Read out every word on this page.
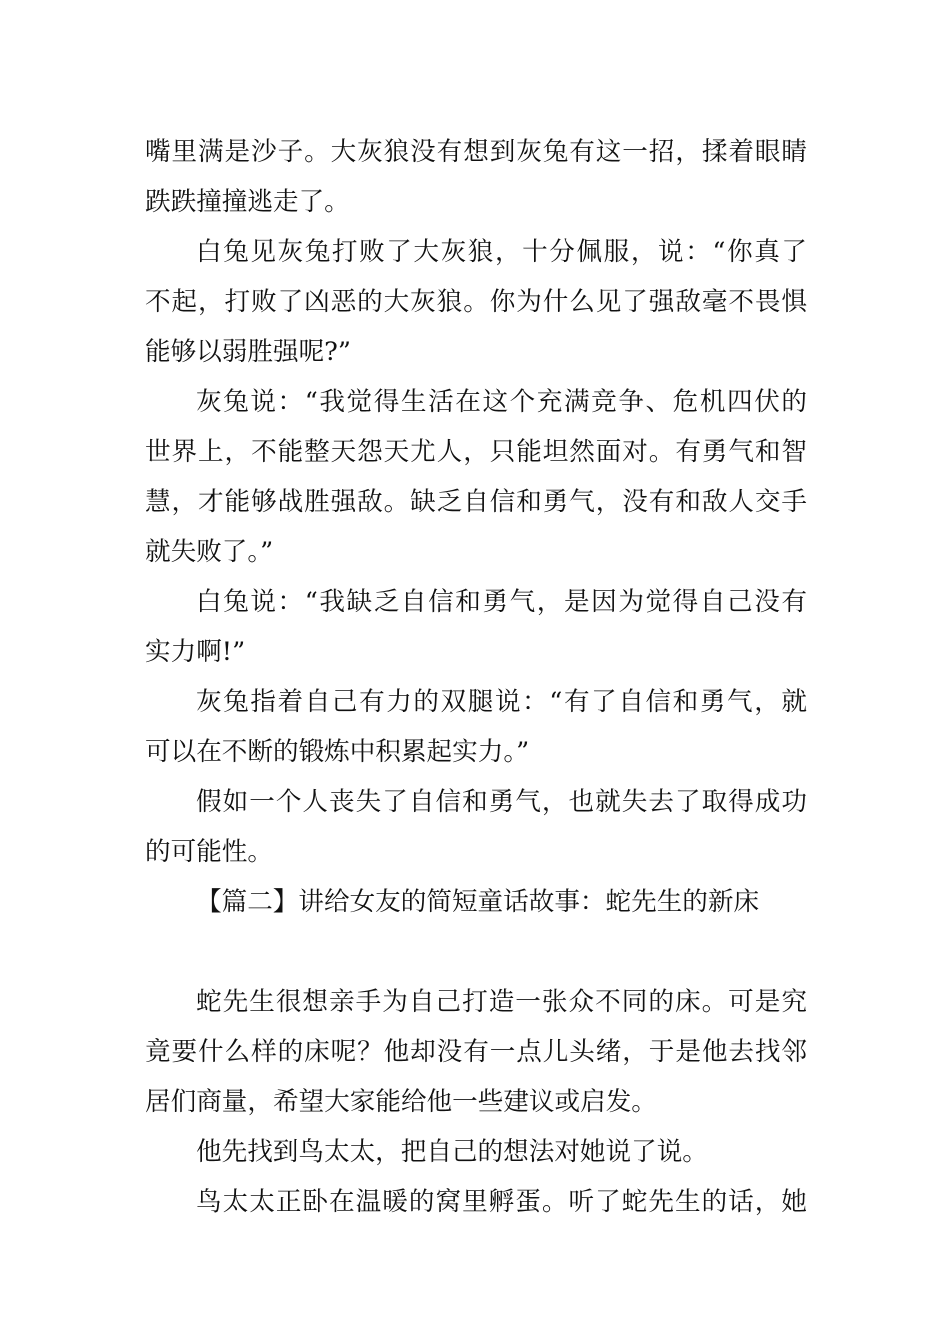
嘴里满是沙子。大灰狼没有想到灰兔有这一招，揉着眼睛
跌跌撞撞逃走了。
白兔见灰兔打败了大灰狼，十分佩服，说：“你真了
不起，打败了凶恶的大灰狼。你为什么见了强敌毫不畏惧
能够以弱胜强呢?”
灰兔说：“我觉得生活在这个充满竞争、危机四伏的
世界上，不能整天怨天尤人，只能坦然面对。有勇气和智
慧，才能够战胜强敌。缺乏自信和勇气，没有和敌人交手
就失败了。”
白兔说：“我缺乏自信和勇气，是因为觉得自己没有
实力啊!”
灰兔指着自己有力的双腿说：“有了自信和勇气，就
可以在不断的锻炼中积累起实力。”
假如一个人丧失了自信和勇气，也就失去了取得成功
的可能性。
【篇二】讲给女友的简短童话故事：蛇先生的新床
蛇先生很想亲手为自己打造一张众不同的床。可是究
竟要什么样的床呢？他却没有一点儿头绪，于是他去找邻
居们商量，希望大家能给他一些建议或启发。
他先找到鸟太太，把自己的想法对她说了说。
鸟太太正卧在温暖的窝里孵蛋。听了蛇先生的话，她
